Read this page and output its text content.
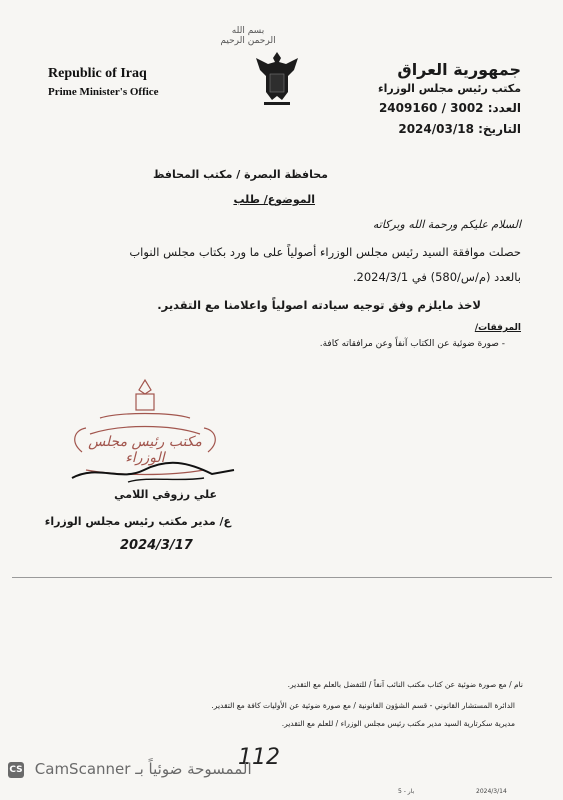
بسم الله الرحمن الرحيم
Republic of Iraq
Prime Minister's Office
جمهورية العراق
مكتب رئيس مجلس الوزراء
العدد: 2409160 / 3002
التاريخ: 2024/03/18
محافظة البصرة / مكتب المحافظ
الموضوع/ طلب
السلام عليكم ورحمة الله وبركاته
حصلت موافقة السيد رئيس مجلس الوزراء أصولياً على ما ورد بكتاب مجلس النواب
بالعدد (م/س/580) في 2024/3/1.
لاخذ مايلزم وفق توجيه سيادته اصولياً واعلامنا مع التقدير.
المرفقات/
- صورة ضوئية عن الكتاب آنفاً وعن مرافقاته كافة.
مكتب رئيس مجلس الوزراء
علي رزوقي اللامي
ع/ مدير مكتب رئيس مجلس الوزراء
2024/3/17
نام / مع صورة ضوئية عن كتاب مكتب النائب آنفاً / للتفضل بالعلم مع التقدير.
الدائرة المستشار القانوني - قسم الشؤون القانونية / مع صورة ضوئية عن الأوليات كافة مع التقدير.
مديرية سكرتارية السيد مدير مكتب رئيس مجلس الوزراء / للعلم مع التقدير.
112
CS CamScanner الممسوحة ضوئياً بـ
بار - 5	2024/3/14
